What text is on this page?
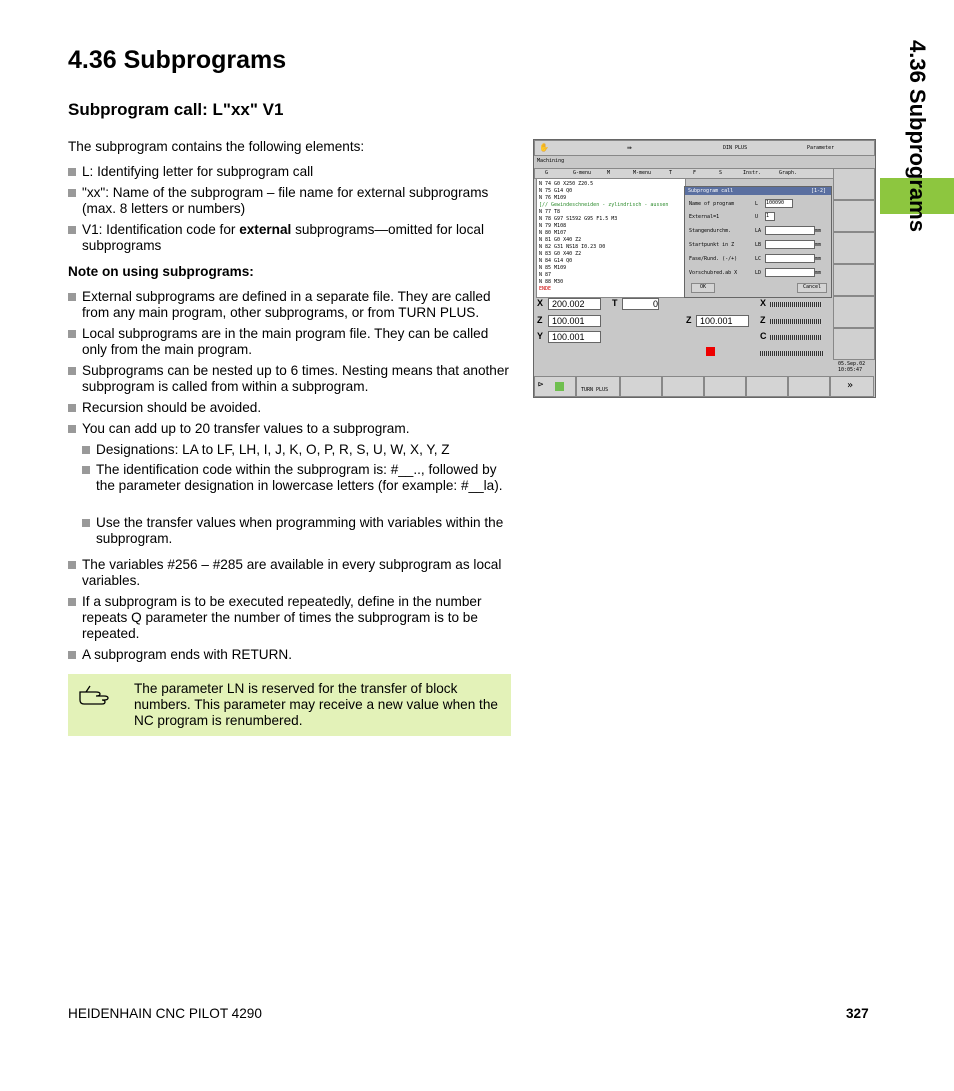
4.36 Subprograms
Subprogram call: L"xx" V1	4.36 Subprograms
The subprogram contains the following elements:
L: Identifying letter for subprogram call
"xx": Name of the subprogram – file name for external subprograms (max. 8 letters or numbers)
V1: Identification code for external subprograms—omitted for local subprograms
Note on using subprograms:
External subprograms are defined in a separate file. They are called from any main program, other subprograms, or from TURN PLUS.
Local subprograms are in the main program file. They can be called only from the main program.
Subprograms can be nested up to 6 times. Nesting means that another subprogram is called from within a subprogram.
Recursion should be avoided.
You can add up to 20 transfer values to a subprogram.
Designations: LA to LF, LH, I, J, K, O, P, R, S, U, W, X, Y, Z
The identification code within the subprogram is: #__.., followed by the parameter designation in lowercase letters (for example: #__la).
Use the transfer values when programming with variables within the subprogram.
The variables #256 – #285 are available in every subprogram as local variables.
If a subprogram is to be executed repeatedly, define in the number repeats Q parameter the number of times the subprogram is to be repeated.
A subprogram ends with RETURN.
The parameter LN is reserved for the transfer of block numbers. This parameter may receive a new value when the NC program is renumbered.
✋	⇛	DIN PLUS	Parameter
Machining
G	G-menu	M	M-menu	T	F	S	Instr.	Graph.
N 74 G0 X250 Z20.5
N 75 G14 Q0
N 76 M109
[// Gewindeschneiden - zylindrisch - aussen
N 77 T8
N 78 G97 S1592 G95 F1.5 M3
N 79 M108
N 80 M107
N 81 G0 X40 Z2
N 82 G31 NS18 I0.23 D0
N 83 G0 X40 Z2
N 84 G14 Q0
N 85 M109
N 87
N 88 M30
ENDE
Subprogram call	[1-2]
Name of program	L 100090
External=1	U 1
Stangendurchm.	LA	mm
Startpunkt in Z	LB	mm
Fase/Rund. (-/+)	LC	mm
Vorschubred.ab X	LD	mm
OK	Cancel
X 200.002	T	0
Z	100.001	Z 100.001
Y 100.001
X
Z
C
05.Sep.02
10:05:47
⊳	TURN PLUS	»
HEIDENHAIN CNC PILOT 4290	327
